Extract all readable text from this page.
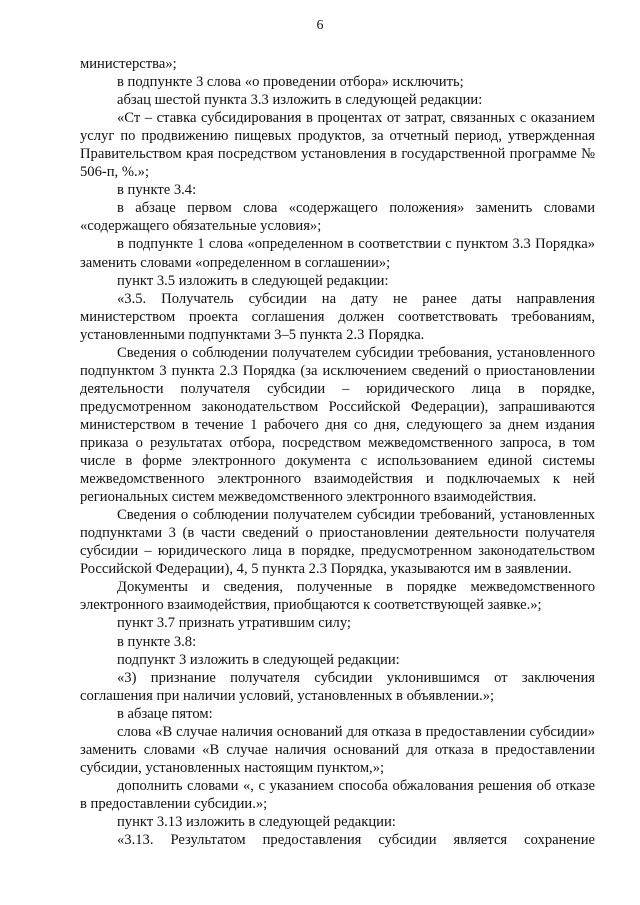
6

министерства»;

в подпункте 3 слова «о проведении отбора» исключить;

абзац шестой пункта 3.3 изложить в следующей редакции:

«Ст – ставка субсидирования в процентах от затрат, связанных с оказанием услуг по продвижению пищевых продуктов, за отчетный период, утвержденная Правительством края посредством установления в государственной программе № 506-п, %.»;

в пункте 3.4:

в абзаце первом слова «содержащего положения» заменить словами «содержащего обязательные условия»;

в подпункте 1 слова «определенном в соответствии с пунктом 3.3 Порядка» заменить словами «определенном в соглашении»;

пункт 3.5 изложить в следующей редакции:

«3.5. Получатель субсидии на дату не ранее даты направления министерством проекта соглашения должен соответствовать требованиям, установленными подпунктами 3–5 пункта 2.3 Порядка.

Сведения о соблюдении получателем субсидии требования, установленного подпунктом 3 пункта 2.3 Порядка (за исключением сведений о приостановлении деятельности получателя субсидии – юридического лица в порядке, предусмотренном законодательством Российской Федерации), запрашиваются министерством в течение 1 рабочего дня со дня, следующего за днем издания приказа о результатах отбора, посредством межведомственного запроса, в том числе в форме электронного документа с использованием единой системы межведомственного электронного взаимодействия и подключаемых к ней региональных систем межведомственного электронного взаимодействия.

Сведения о соблюдении получателем субсидии требований, установленных подпунктами 3 (в части сведений о приостановлении деятельности получателя субсидии – юридического лица в порядке, предусмотренном законодательством Российской Федерации), 4, 5 пункта 2.3 Порядка, указываются им в заявлении.

Документы и сведения, полученные в порядке межведомственного электронного взаимодействия, приобщаются к соответствующей заявке.»;

пункт 3.7 признать утратившим силу;

в пункте 3.8:

подпункт 3 изложить в следующей редакции:

«3) признание получателя субсидии уклонившимся от заключения соглашения при наличии условий, установленных в объявлении.»;

в абзаце пятом:

слова «В случае наличия оснований для отказа в предоставлении субсидии» заменить словами «В случае наличия оснований для отказа в предоставлении субсидии, установленных настоящим пунктом,»;

дополнить словами «, с указанием способа обжалования решения об отказе в предоставлении субсидии.»;

пункт 3.13 изложить в следующей редакции:

«3.13. Результатом предоставления субсидии является сохранение
